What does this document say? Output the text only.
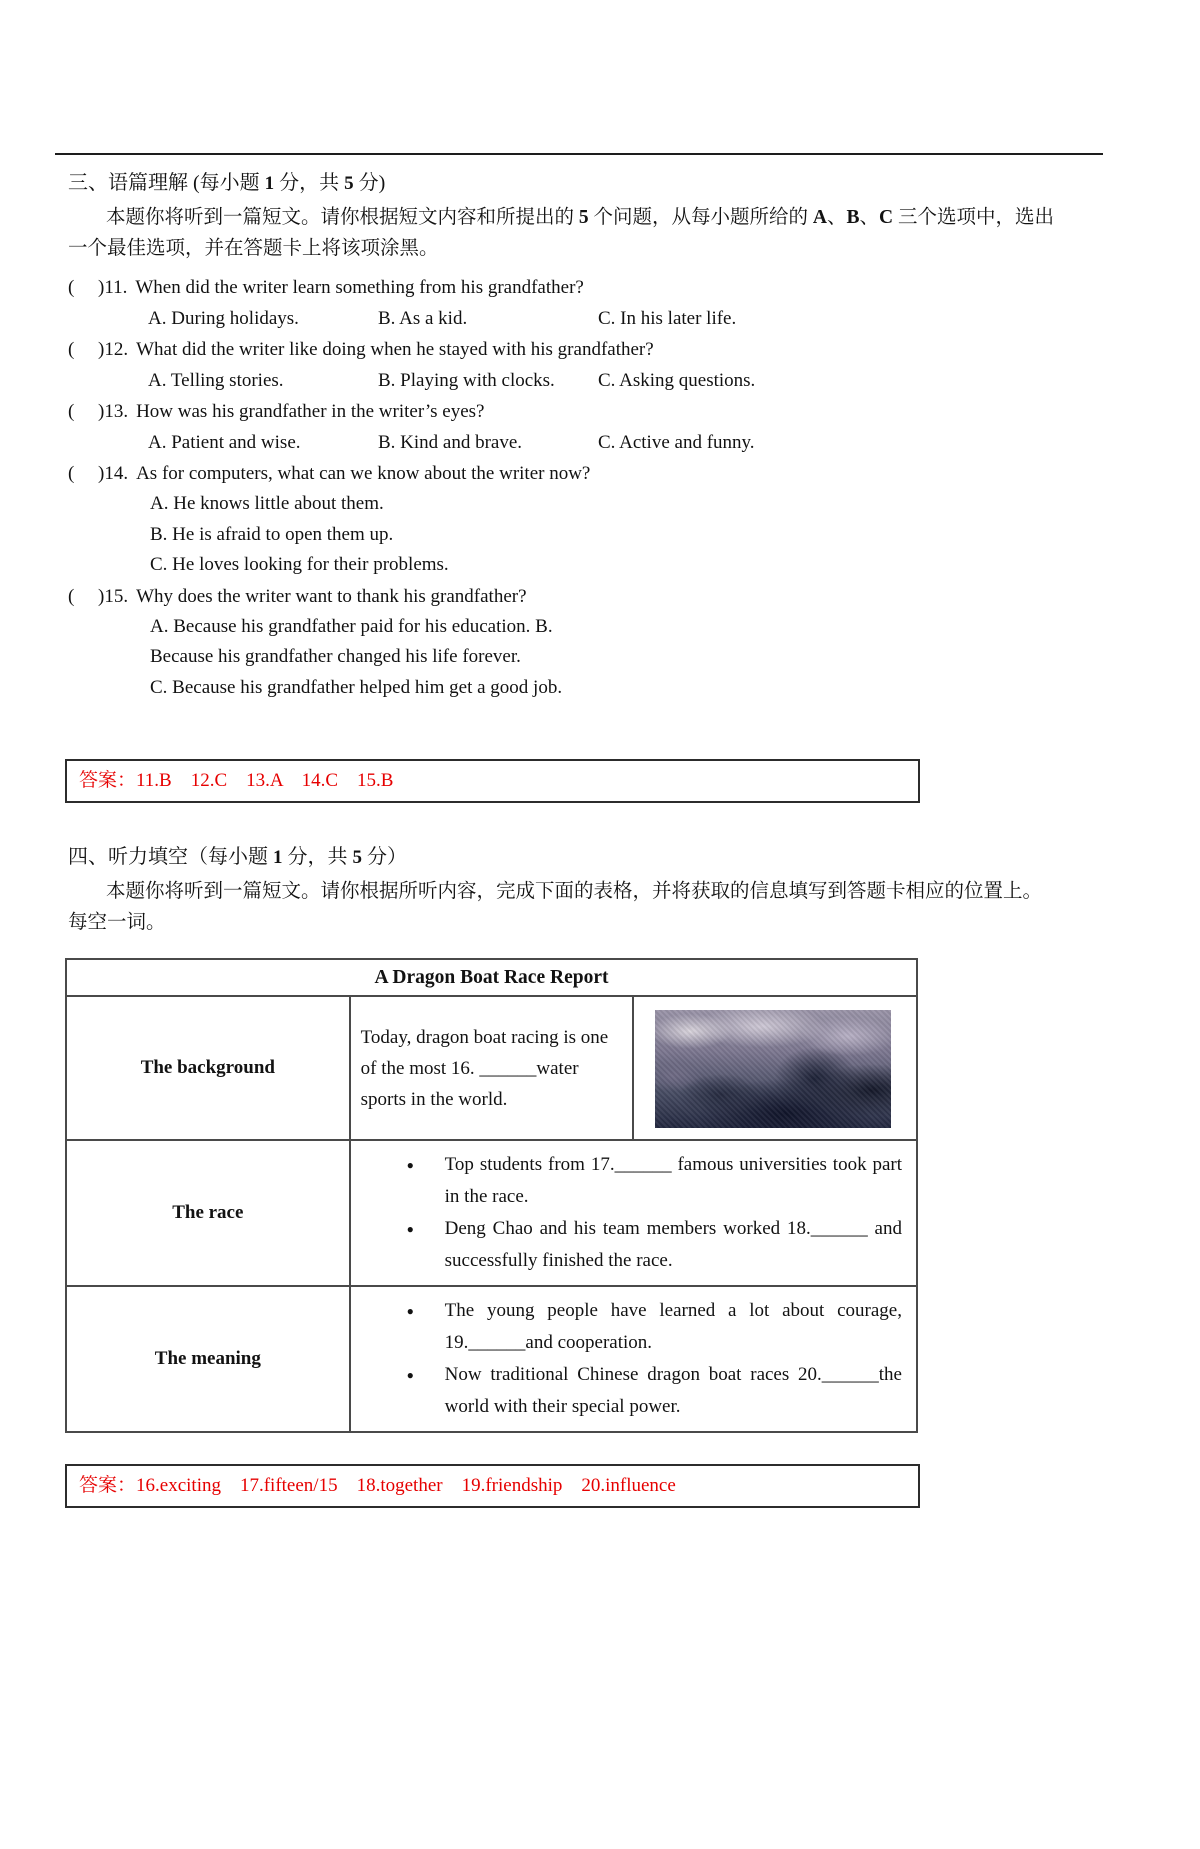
三、语篇理解 (每小题 1 分，共 5 分)

本题你将听到一篇短文。请你根据短文内容和所提出的 5 个问题，从每小题所给的 A、B、C 三个选项中，选出一个最佳选项，并在答题卡上将该项涂黑。

( )11. When did the writer learn something from his grandfather?
A. During holidays.	B. As a kid.	C. In his later life.
( )12. What did the writer like doing when he stayed with his grandfather?
A. Telling stories.	B. Playing with clocks.	C. Asking questions.
( )13. How was his grandfather in the writer’s eyes?
A. Patient and wise.	B. Kind and brave.	C. Active and funny.
( )14. As for computers, what can we know about the writer now?
A. He knows little about them.
B. He is afraid to open them up.
C. He loves looking for their problems.
( )15. Why does the writer want to thank his grandfather?
A. Because his grandfather paid for his education. B.
Because his grandfather changed his life forever.
C. Because his grandfather helped him get a good job.
答案：11.B    12.C    13.A    14.C    15.B
四、听力填空（每小题 1 分，共 5 分）

本题你将听到一篇短文。请你根据所听内容，完成下面的表格，并将获取的信息填写到答题卡相应的位置上。每空一词。

A Dragon Boat Race Report		
The background	Today, dragon boat racing is one of the most 16. ______water sports in the world.	

The race	● Top students from 17.______ famous universities took part in the race.
● Deng Chao and his team members worked 18.______ and successfully finished the race.	

The meaning	● The young people have learned a lot about courage, 19.______and cooperation.
● Now traditional Chinese dragon boat races 20.______the world with their special power.	
答案：16.exciting    17.fifteen/15    18.together    19.friendship    20.influence
